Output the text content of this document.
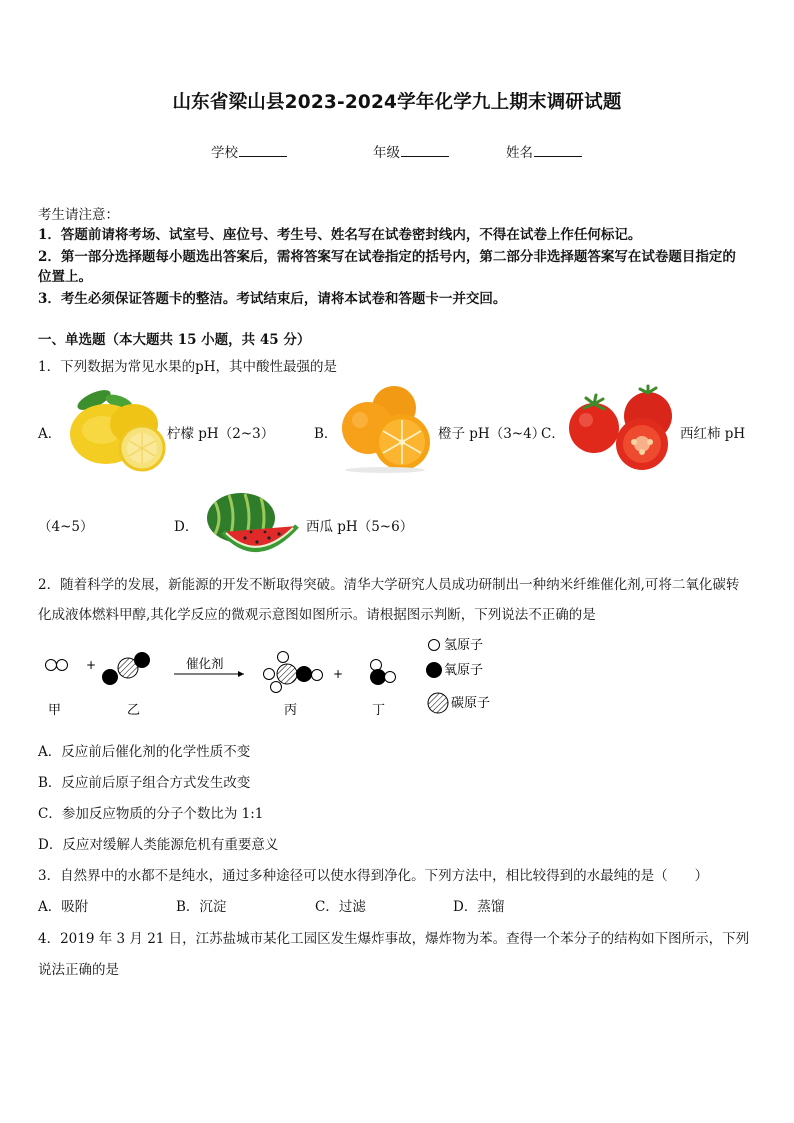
山东省梁山县2023-2024学年化学九上期末调研试题
学校	年级	姓名
考生请注意：
1．答题前请将考场、试室号、座位号、考生号、姓名写在试卷密封线内，不得在试卷上作任何标记。
2．第一部分选择题每小题选出答案后，需将答案写在试卷指定的括号内，第二部分非选择题答案写在试卷题目指定的
位置上。
3．考生必须保证答题卡的整洁。考试结束后，请将本试卷和答题卡一并交回。
一、单选题（本大题共 15 小题，共 45 分）
1．下列数据为常见水果的pH，其中酸性最强的是
A．	柠檬 pH（2~3）	B．	橙子 pH（3~4）
C．	西红柿 pH
（4~5）	D．	西瓜 pH（5~6）
2．随着科学的发展，新能源的开发不断取得突破。清华大学研究人员成功研制出一种纳米纤维催化剂,可将二氧化碳转
化成液体燃料甲醇,其化学反应的微观示意图如图所示。请根据图示判断，下列说法不正确的是
+	催化剂
+
甲	乙	丙	丁
氢原子
氧原子
碳原子
A．反应前后催化剂的化学性质不变
B．反应前后原子组合方式发生改变
C．参加反应物质的分子个数比为 1:1
D．反应对缓解人类能源危机有重要意义
3．自然界中的水都不是纯水，通过多种途径可以使水得到净化。下列方法中，相比较得到的水最纯的是（　　）
A．吸附	B．沉淀	C．过滤	D．蒸馏
4．2019 年 3 月 21 日，江苏盐城市某化工园区发生爆炸事故，爆炸物为苯。查得一个苯分子的结构如下图所示，下列
说法正确的是
